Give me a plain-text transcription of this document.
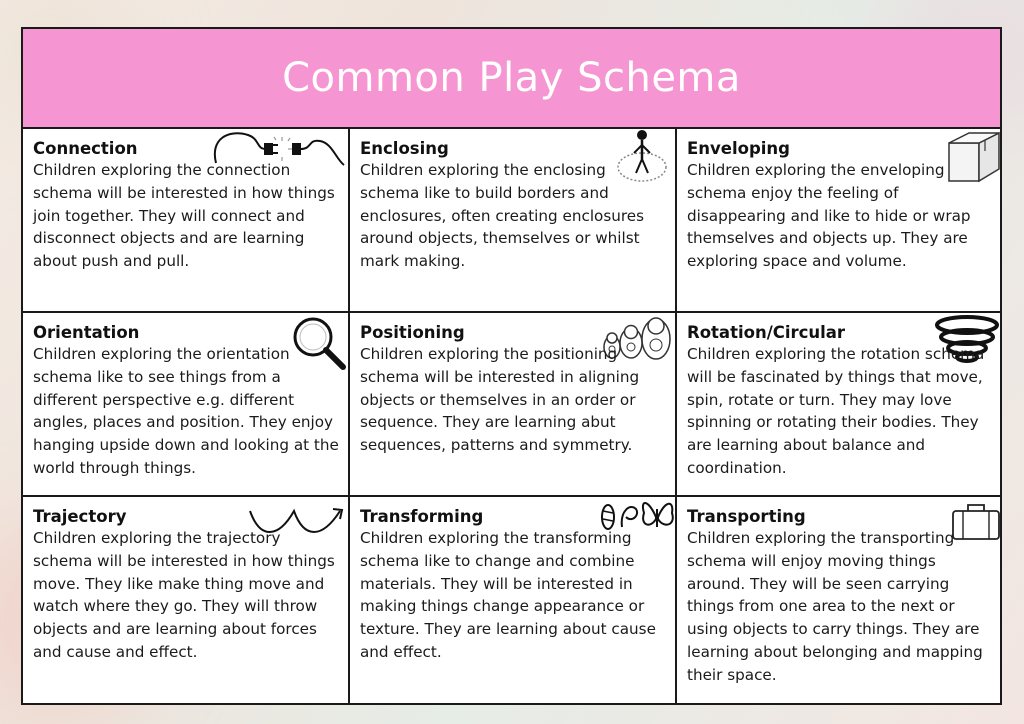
Common Play Schema
Connection

Children exploring the connection schema will be interested in how things join together. They will connect and disconnect objects and are learning about push and pull.

Enclosing

Children exploring the enclosing schema like to build borders and enclosures, often creating enclosures around objects, themselves or whilst mark making.

Enveloping

Children exploring the enveloping schema enjoy the feeling of disappearing and like to hide or wrap themselves and objects up. They are exploring space and volume.

Orientation

Children exploring the orientation schema like to see things from a different perspective e.g. different angles, places and position. They enjoy hanging upside down and looking at the world through things.

Positioning

Children exploring the positioning schema will be interested in aligning objects or themselves in an order or sequence. They are learning abut sequences, patterns and symmetry.

Rotation/Circular

Children exploring the rotation schema will be fascinated by things that move, spin, rotate or turn. They may love spinning or rotating their bodies. They are learning about balance and coordination.

Trajectory

Children exploring the trajectory schema will be interested in how things move. They like make thing move and watch where they go. They will throw objects and are learning about forces and cause and effect.

Transforming

Children exploring the transforming schema like to change and combine materials. They will be interested in making things change appearance or texture. They are learning about cause and effect.

Transporting

Children exploring the transporting schema will enjoy moving things around. They will be seen carrying things from one area to the next or using objects to carry things. They are learning about belonging and mapping their space.
